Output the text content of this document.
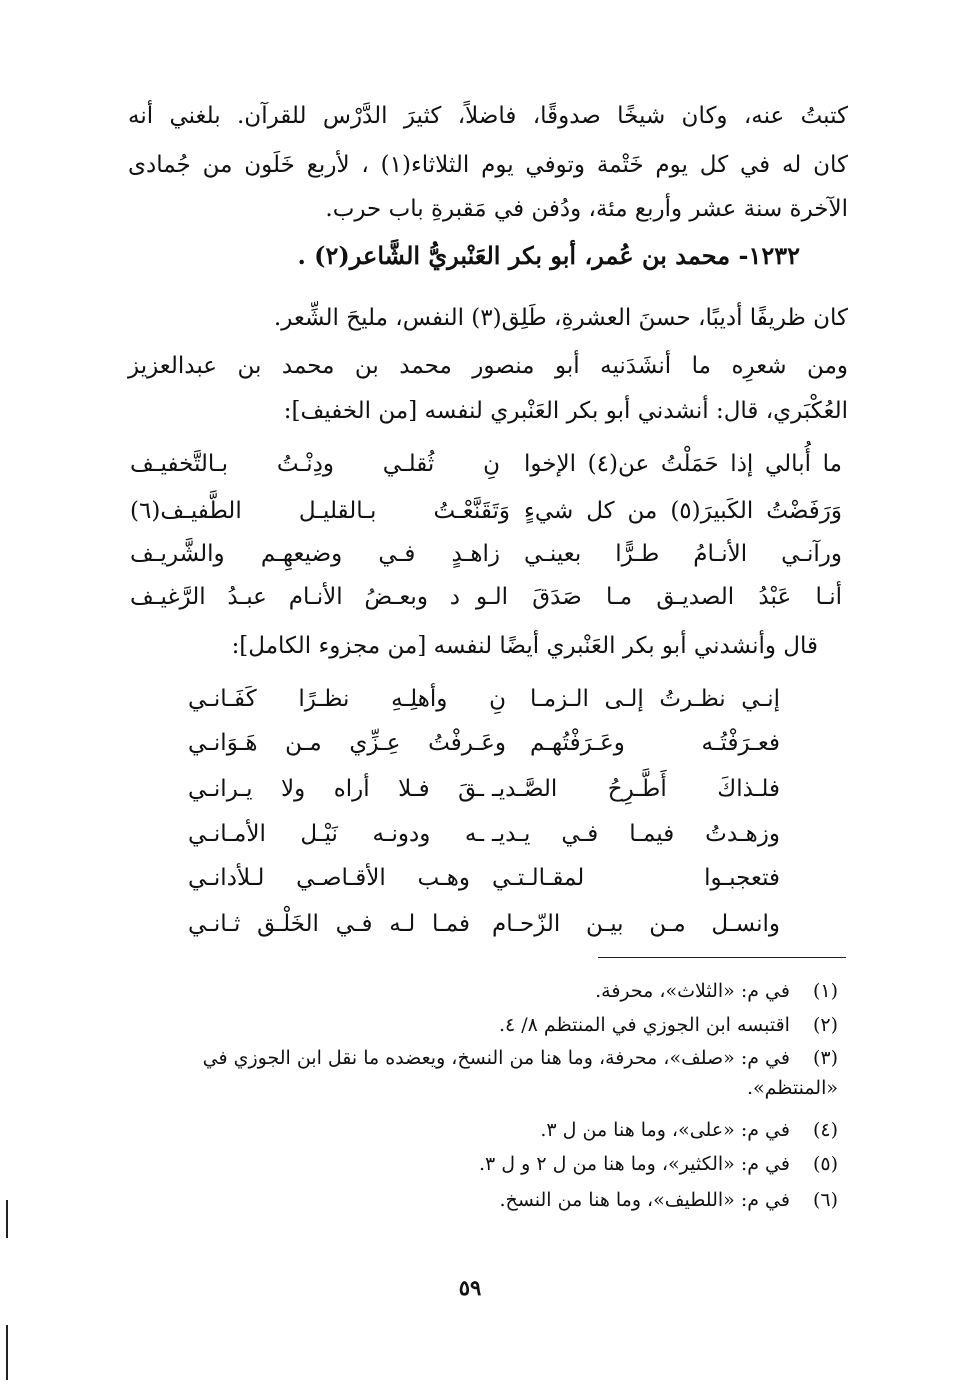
كتبتُ عنه، وكان شيخًا صدوقًا، فاضلاً، كثيرَ الدَّرْس للقرآن. بلغني أنه
كان له في كل يوم خَتْمة وتوفي يوم الثلاثاء(١) ، لأربع خَلَون من جُمادى
الآخرة سنة عشر وأربع مئة، ودُفن في مَقبرةِ باب حرب.
١٢٣٢- محمد بن عُمر، أبو بكر العَنْبريُّ الشَّاعر(٢) .
كان ظريفًا أديبًا، حسنَ العشرةِ، طَلِق(٣) النفس، مليحَ الشِّعر.
ومن شعرِه ما أنشَدَنيه أبو منصور محمد بن محمد بن عبدالعزيز
العُكْبَري، قال: أنشدني أبو بكر العَنْبري لنفسه [من الخفيف]:
ما أُبالي إذا حَمَلْتُ عن(٤) الإخوا
نِ ثُقلـي ودِنْـتُ بـالتَّخفيـف
وَرَفَضْتُ الكَبيرَ(٥) من كل شيءٍ
وَتَقَنَّعْـتُ بـالقليـل الطَّفيـف(٦)
ورآنـي الأنـامُ طـرًّا بعينـي
زاهـدٍ فـي وضيعهِـم والشَّريـف
أنـا عَبْدُ الصديـق مـا صَدَقَ الـو
د وبعـضُ الأنـام عبـدُ الرَّغيـف
قال وأنشدني أبو بكر العَنْبري أيضًا لنفسه [من مجزوء الكامل]:
إنـي نظـرتُ إلـى الـزمـا
نِ وأهلِـهِ نظـرًا كَفَـانـي
فعـرَفْتُـه وعَـرَفْتُهـم
وعَـرفْتُ عِـزِّي مـن هَـوَانـي
فلـذاكَ أَطَّـرِحُ الصَّـديـ
ـقَ فـلا أراه ولا يـرانـي
وزهـدتُ فيمـا فـي يـديـ
ـه ودونـه نَيْـل الأمـانـي
فتعجبـوا لمقـالـتـي
وهـب الأقـاصـي لـلأدانـي
وانسـل مـن بيـن الزّحـام
فمـا لـه فـي الخَلْـق ثـانـي
(١) في م: «الثلاث»، محرفة.
(٢) اقتبسه ابن الجوزي في المنتظم ٨/ ٤.
(٣) في م: «صلف»، محرفة، وما هنا من النسخ، ويعضده ما نقل ابن الجوزي في «المنتظم».
(٤) في م: «على»، وما هنا من ل ٣.
(٥) في م: «الكثير»، وما هنا من ل ٢ و ل ٣.
(٦) في م: «اللطيف»، وما هنا من النسخ.
٥٩
